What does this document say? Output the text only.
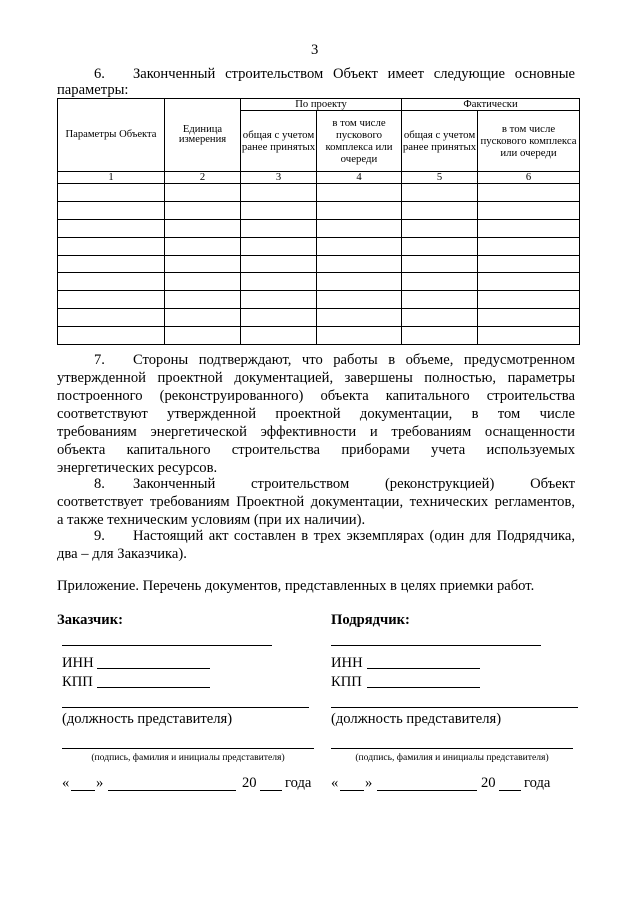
3
6. Законченный строительством Объект имеет следующие основные
параметры:
Параметры Объекта	Единица измерения	По проекту		Фактически	
		общая с учетом ранее принятых	в том числе пускового комплекса или очереди	общая с учетом ранее принятых	в том числе пускового комплекса или очереди
1	2	3	4	5	6

7. Стороны подтверждают, что работы в объеме, предусмотренном
утвержденной проектной документацией, завершены полностью, параметры
построенного (реконструированного) объекта капитального строительства
соответствуют утвержденной проектной документации, в том числе
требованиям энергетической эффективности и требованиям оснащенности
объекта капитального строительства приборами учета используемых
энергетических ресурсов.
8. Законченный строительством (реконструкцией) Объект
соответствует требованиям Проектной документации, технических регламентов,
а также техническим условиям (при их наличии).
9. Настоящий акт составлен в трех экземплярах (один для Подрядчика,
два – для Заказчика).
Приложение. Перечень документов, представленных в целях приемки работ.
Заказчик:
ИНН
КПП
(должность представителя)
(подпись, фамилия и инициалы представителя)
« »	20 года
Подрядчик:
ИНН
КПП
(должность представителя)
(подпись, фамилия и инициалы представителя)
« »	20 года
